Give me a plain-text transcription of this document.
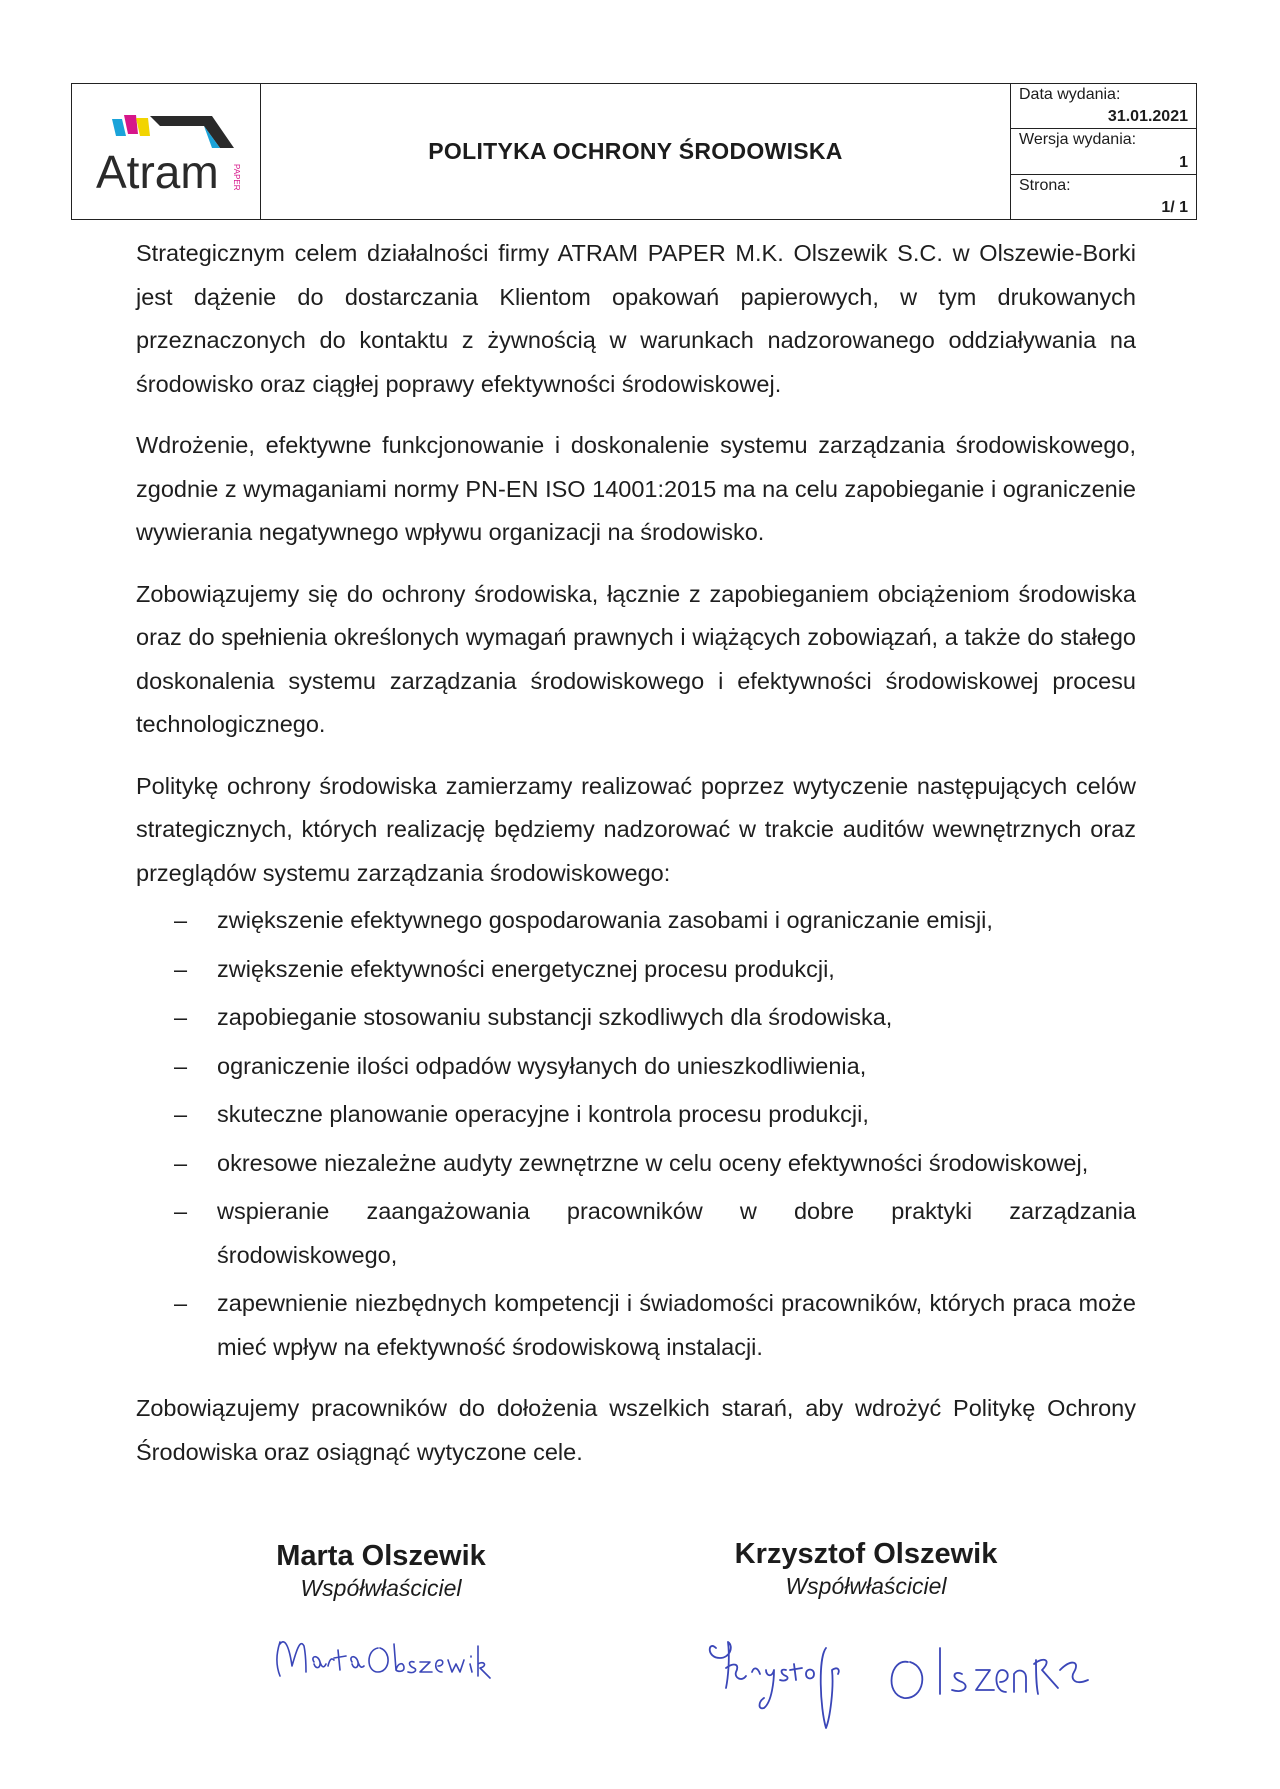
Atram PAPER
POLITYKA OCHRONY ŚRODOWISKA
Data wydania:
31.01.2021
Wersja wydania:
1
Strona:
1/ 1

Strategicznym celem działalności firmy ATRAM PAPER M.K. Olszewik S.C. w Olszewie-Borki jest dążenie do dostarczania Klientom opakowań papierowych, w tym drukowanych przeznaczonych do kontaktu z żywnością w warunkach nadzorowanego oddziaływania na środowisko oraz ciągłej poprawy efektywności środowiskowej.

Wdrożenie, efektywne funkcjonowanie i doskonalenie systemu zarządzania środowiskowego, zgodnie z wymaganiami normy PN-EN ISO 14001:2015 ma na celu zapobieganie i ograniczenie wywierania negatywnego wpływu organizacji na środowisko.

Zobowiązujemy się do ochrony środowiska, łącznie z zapobieganiem obciążeniom środowiska oraz do spełnienia określonych wymagań prawnych i wiążących zobowiązań, a także do stałego doskonalenia systemu zarządzania środowiskowego i efektywności środowiskowej procesu technologicznego.

Politykę ochrony środowiska zamierzamy realizować poprzez wytyczenie następujących celów strategicznych, których realizację będziemy nadzorować w trakcie auditów wewnętrznych oraz przeglądów systemu zarządzania środowiskowego:

– zwiększenie efektywnego gospodarowania zasobami i ograniczanie emisji,
– zwiększenie efektywności energetycznej procesu produkcji,
– zapobieganie stosowaniu substancji szkodliwych dla środowiska,
– ograniczenie ilości odpadów wysyłanych do unieszkodliwienia,
– skuteczne planowanie operacyjne i kontrola procesu produkcji,
– okresowe niezależne audyty zewnętrzne w celu oceny efektywności środowiskowej,
– wspieranie zaangażowania pracowników w dobre praktyki zarządzania środowiskowego,
– zapewnienie niezbędnych kompetencji i świadomości pracowników, których praca może mieć wpływ na efektywność środowiskową instalacji.

Zobowiązujemy pracowników do dołożenia wszelkich starań, aby wdrożyć Politykę Ochrony Środowiska oraz osiągnąć wytyczone cele.

Marta Olszewik
Współwłaściciel
Krzysztof Olszewik
Współwłaściciel
